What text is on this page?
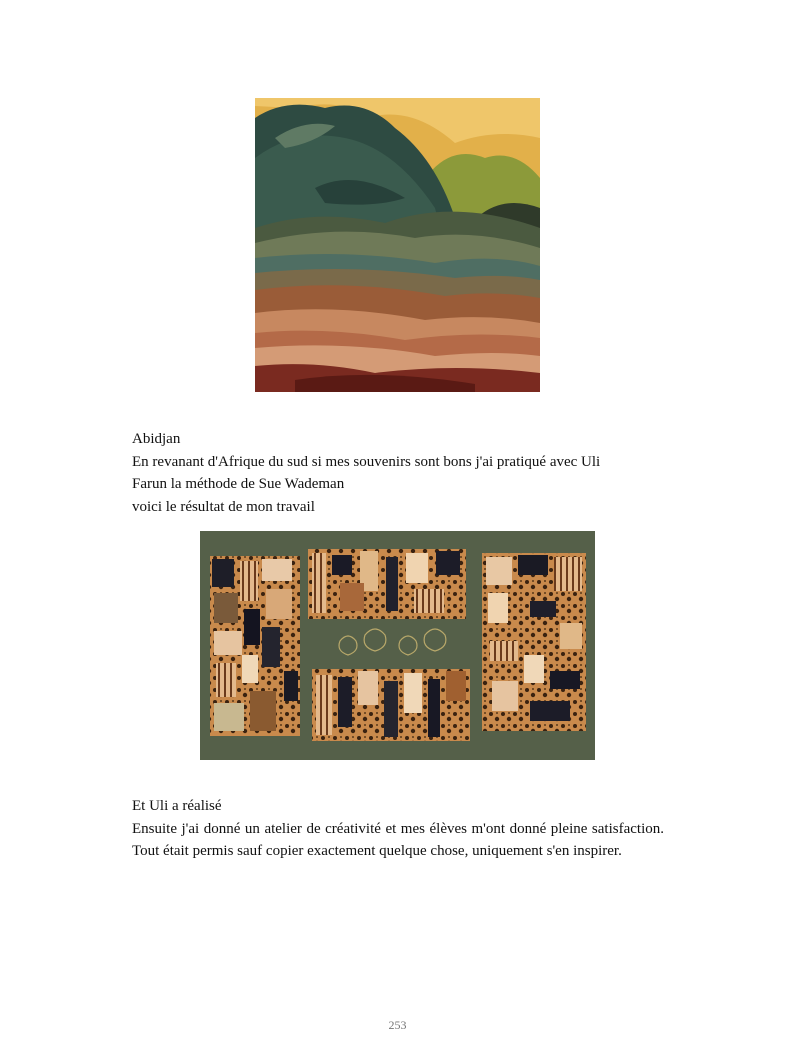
Abidjan

En revanant d'Afrique du sud si mes souvenirs sont bons j'ai pratiqué avec Uli

Farun la méthode de Sue Wademan

voici le résultat de mon travail

Et Uli a réalisé

Ensuite j'ai donné un atelier de créativité et mes élèves m'ont donné pleine satisfaction. Tout était permis sauf copier exactement quelque chose, uniquement s'en inspirer.

253
